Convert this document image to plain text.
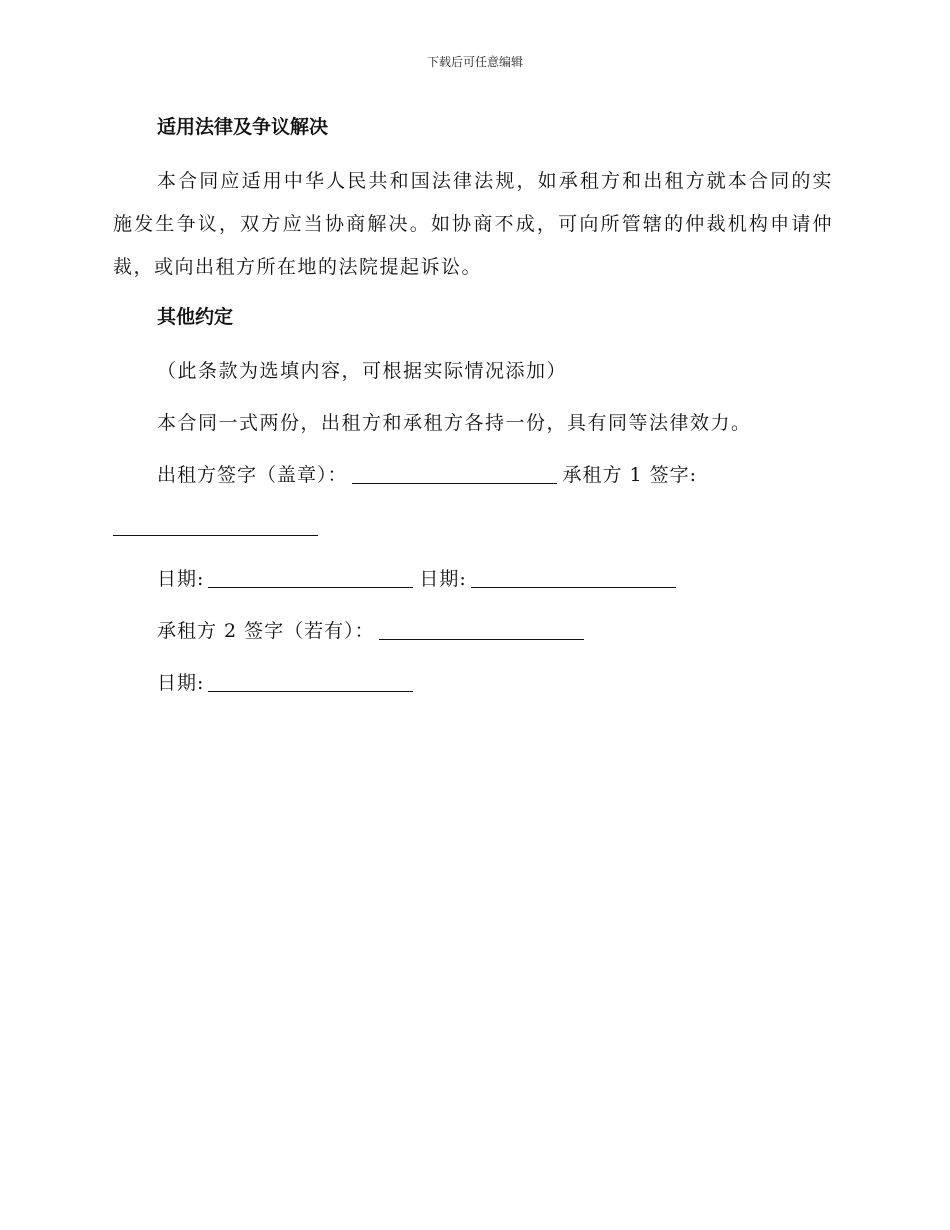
下载后可任意编辑
适用法律及争议解决
本合同应适用中华人民共和国法律法规，如承租方和出租方就本合同的实施发生争议，双方应当协商解决。如协商不成，可向所管辖的仲裁机构申请仲裁，或向出租方所在地的法院提起诉讼。
其他约定
（此条款为选填内容，可根据实际情况添加）
本合同一式两份，出租方和承租方各持一份，具有同等法律效力。
出租方签字（盖章）：	承租方 1 签字:
日期:	日期:
承租方 2 签字（若有）：
日期:
